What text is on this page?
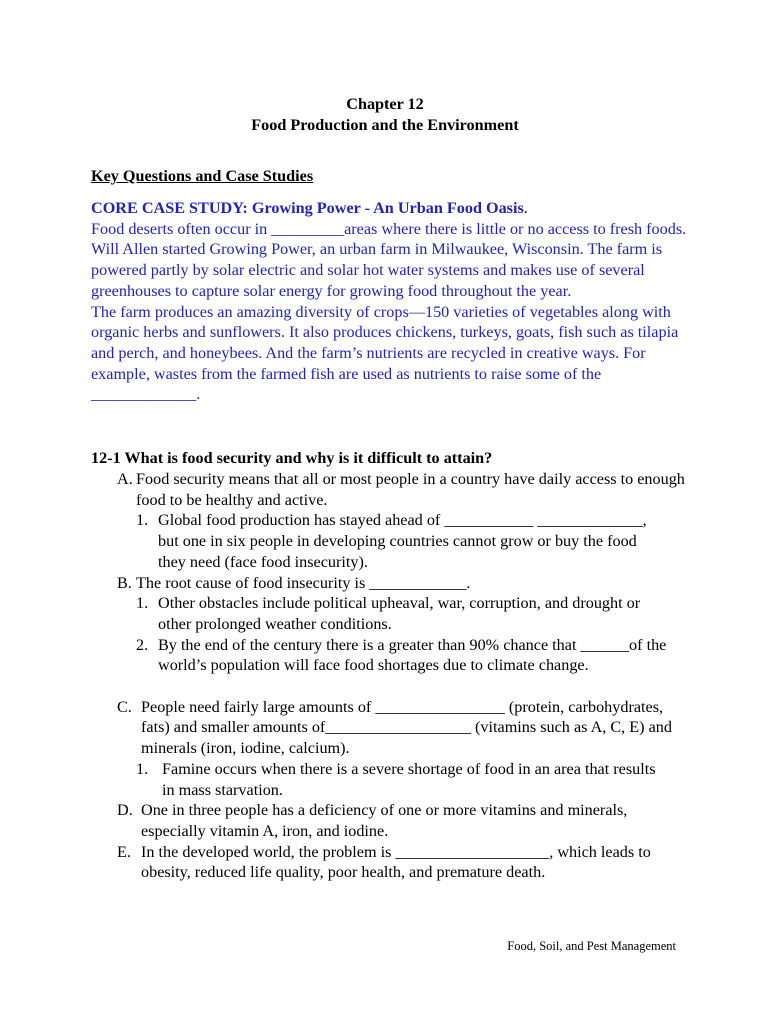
Chapter 12
Food Production and the Environment
Key Questions and Case Studies

CORE CASE STUDY: Growing Power - An Urban Food Oasis.

Food deserts often occur in _________areas where there is little or no access to fresh foods. Will Allen started Growing Power, an urban farm in Milwaukee, Wisconsin. The farm is powered partly by solar electric and solar hot water systems and makes use of several greenhouses to capture solar energy for growing food throughout the year.

The farm produces an amazing diversity of crops—150 varieties of vegetables along with organic herbs and sunflowers. It also produces chickens, turkeys, goats, fish such as tilapia and perch, and honeybees. And the farm’s nutrients are recycled in creative ways. For example, wastes from the farmed fish are used as nutrients to raise some of the _____________.

12-1 What is food security and why is it difficult to attain?
A. Food security means that all or most people in a country have daily access to enough food to be healthy and active.
1. Global food production has stayed ahead of ___________ _____________, but one in six people in developing countries cannot grow or buy the food they need (face food insecurity).
B. The root cause of food insecurity is ____________.
1. Other obstacles include political upheaval, war, corruption, and drought or other prolonged weather conditions.
2. By the end of the century there is a greater than 90% chance that ______of the world’s population will face food shortages due to climate change.
C. People need fairly large amounts of ________________ (protein, carbohydrates, fats) and smaller amounts of__________________ (vitamins such as A, C, E) and minerals (iron, iodine, calcium).
1. Famine occurs when there is a severe shortage of food in an area that results in mass starvation.
D. One in three people has a deficiency of one or more vitamins and minerals, especially vitamin A, iron, and iodine.
E. In the developed world, the problem is ___________________, which leads to obesity, reduced life quality, poor health, and premature death.
Food, Soil, and Pest Management
